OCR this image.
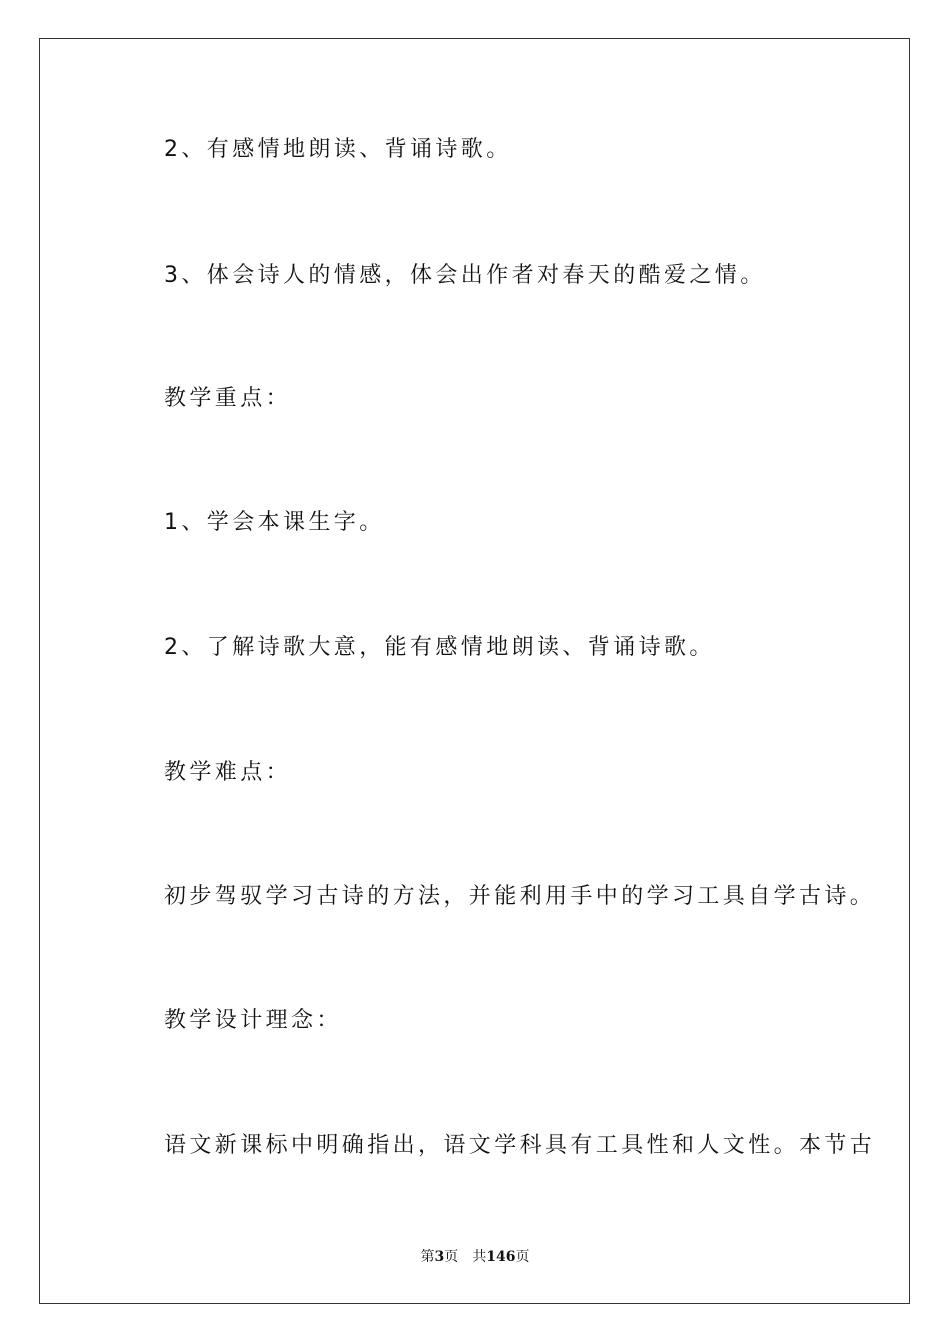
2、有感情地朗读、背诵诗歌。

3、体会诗人的情感，体会出作者对春天的酷爱之情。

教学重点：

1、学会本课生字。

2、了解诗歌大意，能有感情地朗读、背诵诗歌。

教学难点：

初步驾驭学习古诗的方法，并能利用手中的学习工具自学古诗。

教学设计理念：

语文新课标中明确指出，语文学科具有工具性和人文性。本节古

第3页 共146页
